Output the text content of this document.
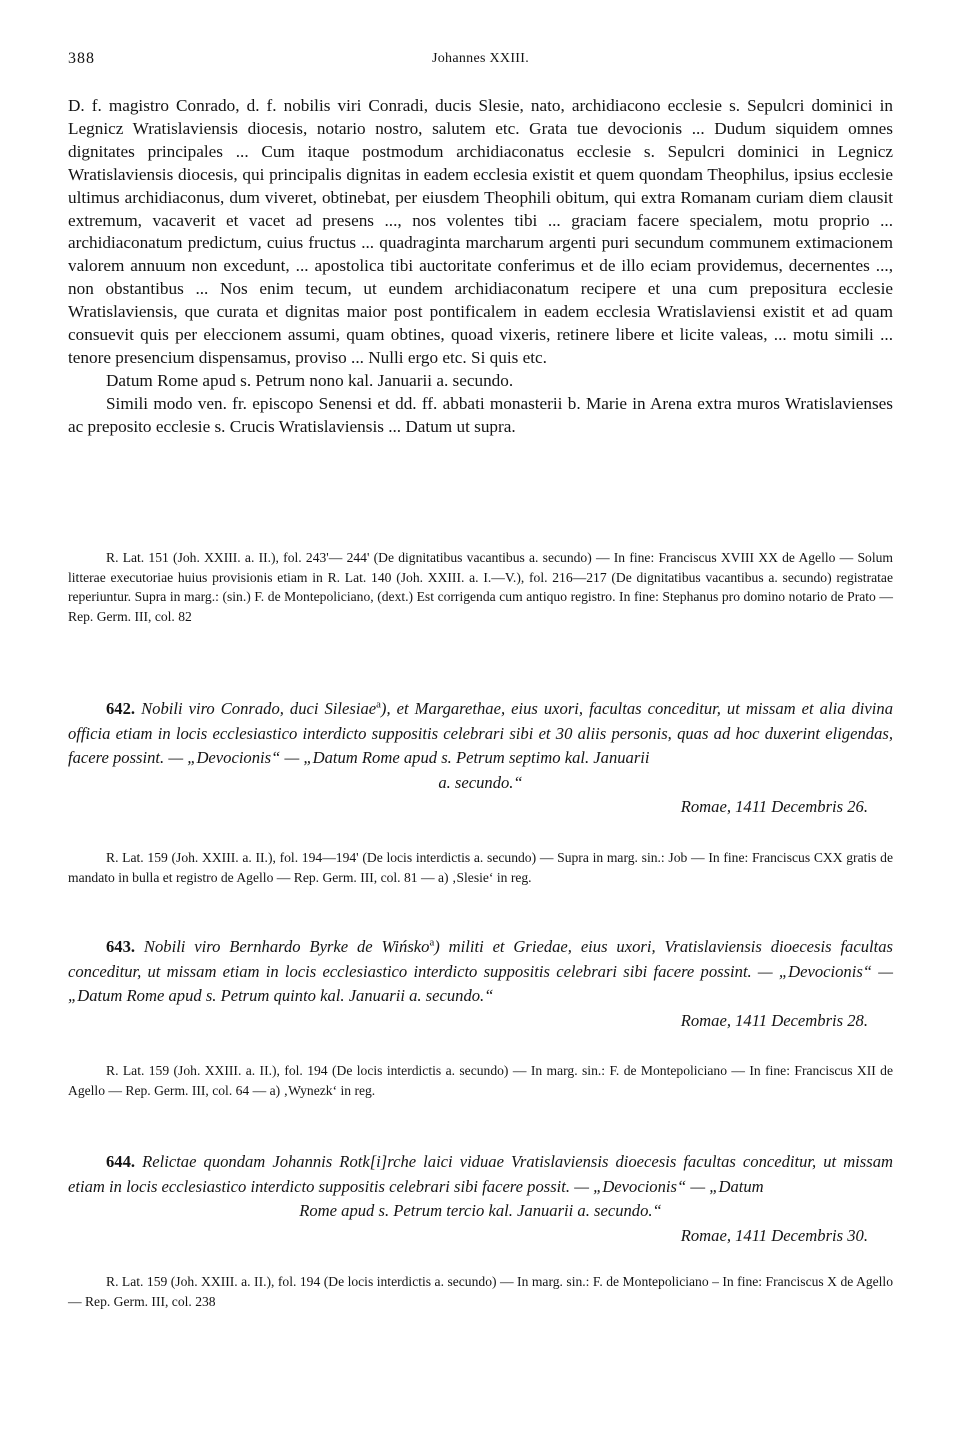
388	Johannes XXIII.

D. f. magistro Conrado, d. f. nobilis viri Conradi, ducis Slesie, nato, archidiacono ecclesie s. Sepulcri dominici in Legnicz Wratislaviensis diocesis, notario nostro, salutem etc. Grata tue devocionis ... Dudum siquidem omnes dignitates principales ... Cum itaque postmodum archidiaconatus ecclesie s. Sepulcri dominici in Legnicz Wratislaviensis diocesis, qui principalis dignitas in eadem ecclesia existit et quem quondam Theophilus, ipsius ecclesie ultimus archidiaconus, dum viveret, obtinebat, per eiusdem Theophili obitum, qui extra Romanam curiam diem clausit extremum, vacaverit et vacet ad presens ..., nos volentes tibi ... graciam facere specialem, motu proprio ... archidiaconatum predictum, cuius fructus ... quadraginta marcharum argenti puri secundum communem extimacionem valorem annuum non excedunt, ... apostolica tibi auctoritate conferimus et de illo eciam providemus, decernentes ..., non obstantibus ... Nos enim tecum, ut eundem archidiaconatum recipere et una cum prepositura ecclesie Wratislaviensis, que curata et dignitas maior post pontificalem in eadem ecclesia Wratislaviensi existit et ad quam consuevit quis per eleccionem assumi, quam obtines, quoad vixeris, retinere libere et licite valeas, ... motu simili ... tenore presencium dispensamus, proviso ... Nulli ergo etc. Si quis etc.

Datum Rome apud s. Petrum nono kal. Januarii a. secundo.

Simili modo ven. fr. episcopo Senensi et dd. ff. abbati monasterii b. Marie in Arena extra muros Wratislavienses ac preposito ecclesie s. Crucis Wratislaviensis ... Datum ut supra.

R. Lat. 151 (Joh. XXIII. a. II.), fol. 243'— 244' (De dignitatibus vacantibus a. secundo) — In fine: Franciscus XVIII XX de Agello — Solum litterae executoriae huius provisionis etiam in R. Lat. 140 (Joh. XXIII. a. I.—V.), fol. 216—217 (De dignitatibus vacantibus a. secundo) registratae reperiuntur. Supra in marg.: (sin.) F. de Montepoliciano, (dext.) Est corrigenda cum antiquo registro. In fine: Stephanus pro domino notario de Prato — Rep. Germ. III, col. 82

642. Nobili viro Conrado, duci Silesiae$^a$), et Margarethae, eius uxori, facultas conceditur, ut missam et alia divina officia etiam in locis ecclesiastico interdicto suppositis celebrari sibi et 30 aliis personis, quas ad hoc duxerint eligendas, facere possint. — „Devocionis“ — „Datum Rome apud s. Petrum septimo kal. Januarii

a. secundo.“

Romae, 1411 Decembris 26.

R. Lat. 159 (Joh. XXIII. a. II.), fol. 194—194' (De locis interdictis a. secundo) — Supra in marg. sin.: Job — In fine: Franciscus CXX gratis de mandato in bulla et registro de Agello — Rep. Germ. III, col. 81 — a) ‚Slesie‘ in reg.

643. Nobili viro Bernhardo Byrke de Wińsko$^a$) militi et Griedae, eius uxori, Vratislaviensis dioecesis facultas conceditur, ut missam etiam in locis ecclesiastico interdicto suppositis celebrari sibi facere possint. — „Devocionis“ — „Datum Rome apud s. Petrum quinto kal. Januarii a. secundo.“

Romae, 1411 Decembris 28.

R. Lat. 159 (Joh. XXIII. a. II.), fol. 194 (De locis interdictis a. secundo) — In marg. sin.: F. de Montepoliciano — In fine: Franciscus XII de Agello — Rep. Germ. III, col. 64 — a) ‚Wynezk‘ in reg.

644. Relictae quondam Johannis Rotk[i]rche laici viduae Vratislaviensis dioecesis facultas conceditur, ut missam etiam in locis ecclesiastico interdicto suppositis celebrari sibi facere possit. — „Devocionis“ — „Datum

Rome apud s. Petrum tercio kal. Januarii a. secundo.“

Romae, 1411 Decembris 30.

R. Lat. 159 (Joh. XXIII. a. II.), fol. 194 (De locis interdictis a. secundo) — In marg. sin.: F. de Montepoliciano – In fine: Franciscus X de Agello — Rep. Germ. III, col. 238
